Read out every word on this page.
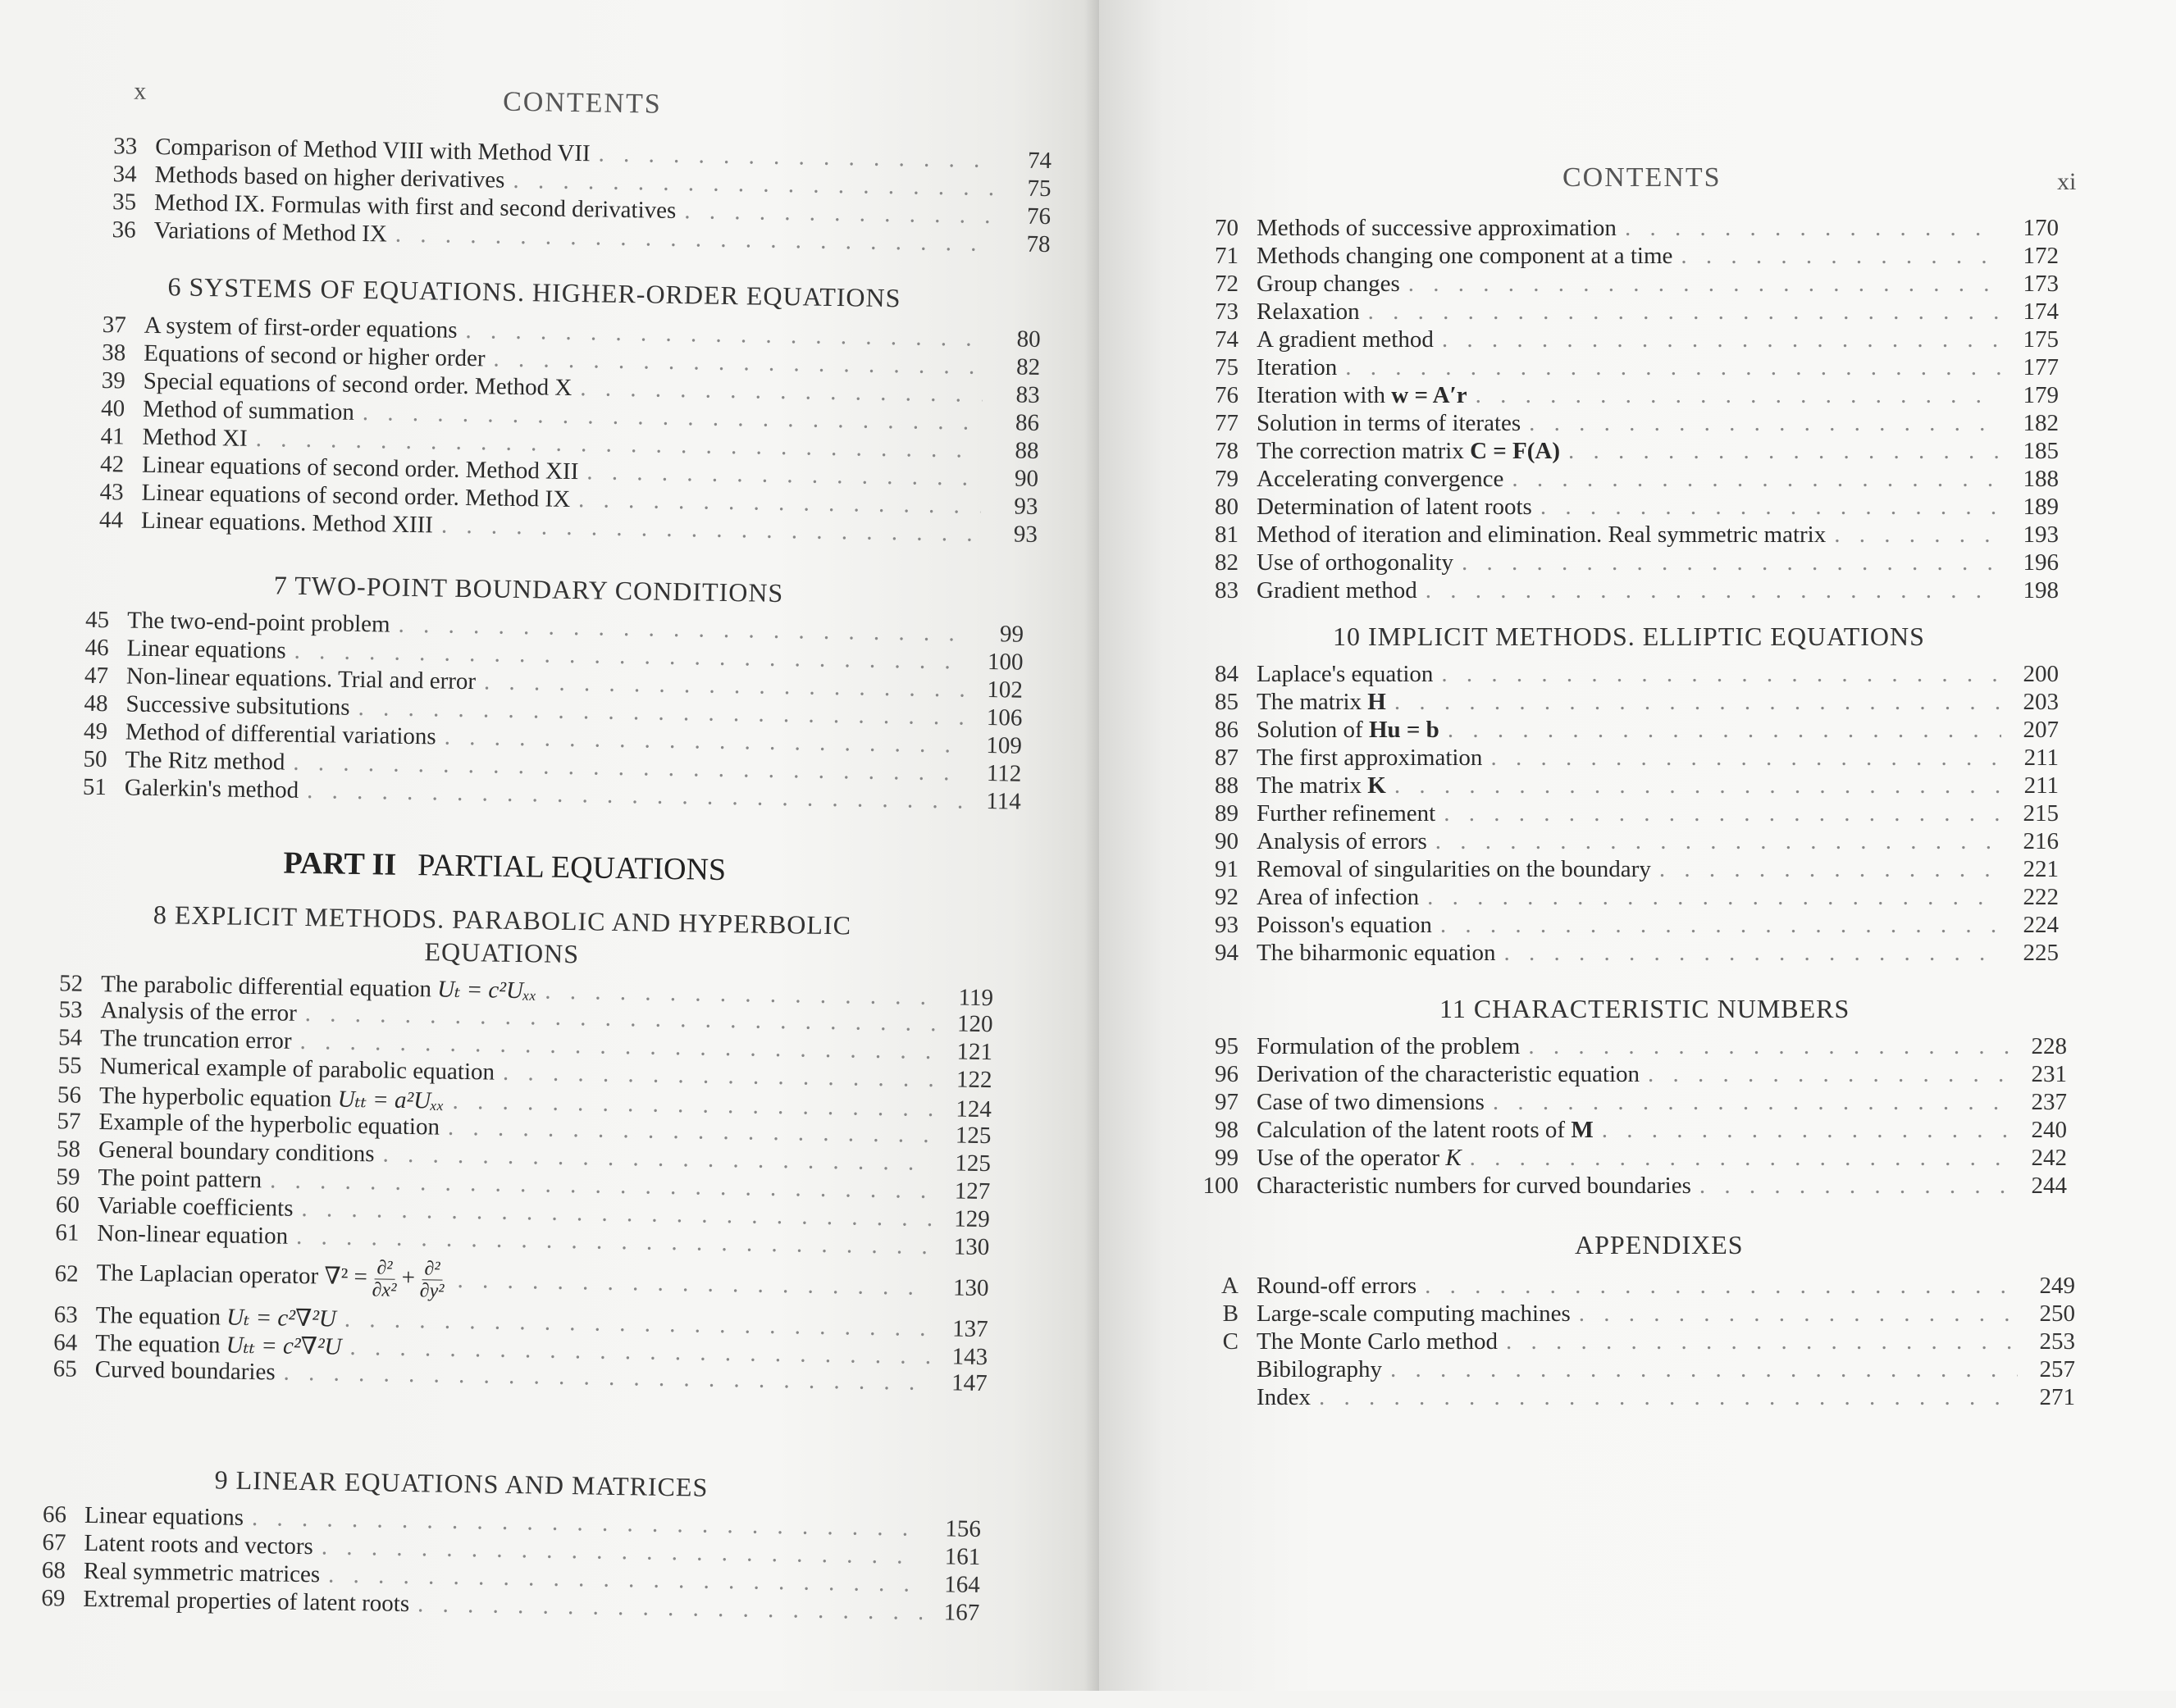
x	CONTENTS
33 Comparison of Method VIII with Method VII . . .	74
34 Methods based on higher derivatives . . .	75
35 Method IX. Formulas with first and second derivatives . . .	76
36 Variations of Method IX . . .	78
6 SYSTEMS OF EQUATIONS. HIGHER-ORDER EQUATIONS
37 A system of first-order equations . . .	80
38 Equations of second or higher order . . .	82
39 Special equations of second order. Method X . . .	83
40 Method of summation . . .	86
41 Method XI . . .	88
42 Linear equations of second order. Method XII . . .	90
43 Linear equations of second order. Method IX . . .	93
44 Linear equations. Method XIII . . .	93
7 TWO-POINT BOUNDARY CONDITIONS
45 The two-end-point problem . . .	99
46 Linear equations . . .	100
47 Non-linear equations. Trial and error . . .	102
48 Successive subsitutions . . .	106
49 Method of differential variations . . .	109
50 The Ritz method . . .	112
51 Galerkin's method . . .	114
PART II PARTIAL EQUATIONS
8 EXPLICIT METHODS. PARABOLIC AND HYPERBOLIC
EQUATIONS
52 The parabolic differential equation Uₜ = c²Uₓₓ . . .	119
53 Analysis of the error . . .	120
54 The truncation error . . .	121
55 Numerical example of parabolic equation . . .	122
56 The hyperbolic equation Uₜₜ = a²Uₓₓ . . .	124
57 Example of the hyperbolic equation . . .	125
58 General boundary conditions . . .	125
59 The point pattern . . .	127
60 Variable coefficients . . .	129
61 Non-linear equation . . .	130
62 The Laplacian operator $\nabla^2 = \frac{\text{∂²}}{\text{∂x²}} + \frac{\text{∂²}}{\text{∂y²}}$ . . .	130
63 The equation Uₜ = c²∇²U . . .	137
64 The equation Uₜₜ = c²∇²U . . .	143
65 Curved boundaries . . .	147
9 LINEAR EQUATIONS AND MATRICES
66 Linear equations . . .	156
67 Latent roots and vectors . . .	161
68 Real symmetric matrices . . .	164
69 Extremal properties of latent roots . . .	167
CONTENTS	xi
70 Methods of successive approximation . . .	170
71 Methods changing one component at a time . . .	172
72 Group changes . . .	173
73 Relaxation . . .	174
74 A gradient method . . .	175
75 Iteration . . .	177
76 Iteration with w = A′r . . .	179
77 Solution in terms of iterates . . .	182
78 The correction matrix C = F(A) . . .	185
79 Accelerating convergence . . .	188
80 Determination of latent roots . . .	189
81 Method of iteration and elimination. Real symmetric matrix . . .	193
82 Use of orthogonality . . .	196
83 Gradient method . . .	198
10 IMPLICIT METHODS. ELLIPTIC EQUATIONS
84 Laplace's equation . . .	200
85 The matrix H . . .	203
86 Solution of Hu = b . . .	207
87 The first approximation . . .	211
88 The matrix K . . .	211
89 Further refinement . . .	215
90 Analysis of errors . . .	216
91 Removal of singularities on the boundary . . .	221
92 Area of infection . . .	222
93 Poisson's equation . . .	224
94 The biharmonic equation . . .	225
11 CHARACTERISTIC NUMBERS
95 Formulation of the problem . . .	228
96 Derivation of the characteristic equation . . .	231
97 Case of two dimensions . . .	237
98 Calculation of the latent roots of M . . .	240
99 Use of the operator K . . .	242
100 Characteristic numbers for curved boundaries . . .	244
APPENDIXES
A Round-off errors . . .	249
B Large-scale computing machines . . .	250
C The Monte Carlo method . . .	253
Bibilography . . .	257
Index . . .	271
